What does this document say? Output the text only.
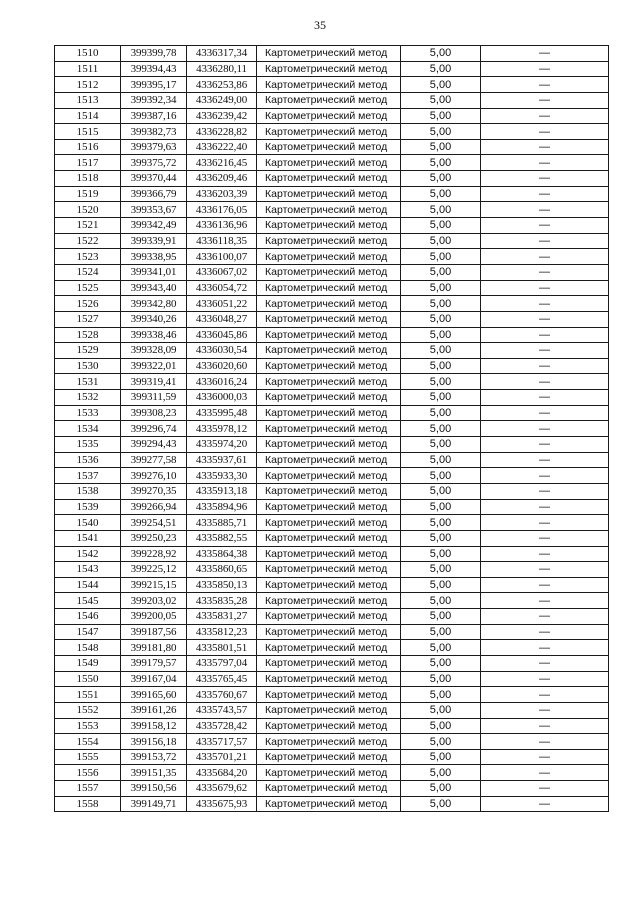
35
1510	399399,78	4336317,34	Картометрический метод	5,00	—
1511	399394,43	4336280,11	Картометрический метод	5,00	—
1512	399395,17	4336253,86	Картометрический метод	5,00	—
1513	399392,34	4336249,00	Картометрический метод	5,00	—
1514	399387,16	4336239,42	Картометрический метод	5,00	—
1515	399382,73	4336228,82	Картометрический метод	5,00	—
1516	399379,63	4336222,40	Картометрический метод	5,00	—
1517	399375,72	4336216,45	Картометрический метод	5,00	—
1518	399370,44	4336209,46	Картометрический метод	5,00	—
1519	399366,79	4336203,39	Картометрический метод	5,00	—
1520	399353,67	4336176,05	Картометрический метод	5,00	—
1521	399342,49	4336136,96	Картометрический метод	5,00	—
1522	399339,91	4336118,35	Картометрический метод	5,00	—
1523	399338,95	4336100,07	Картометрический метод	5,00	—
1524	399341,01	4336067,02	Картометрический метод	5,00	—
1525	399343,40	4336054,72	Картометрический метод	5,00	—
1526	399342,80	4336051,22	Картометрический метод	5,00	—
1527	399340,26	4336048,27	Картометрический метод	5,00	—
1528	399338,46	4336045,86	Картометрический метод	5,00	—
1529	399328,09	4336030,54	Картометрический метод	5,00	—
1530	399322,01	4336020,60	Картометрический метод	5,00	—
1531	399319,41	4336016,24	Картометрический метод	5,00	—
1532	399311,59	4336000,03	Картометрический метод	5,00	—
1533	399308,23	4335995,48	Картометрический метод	5,00	—
1534	399296,74	4335978,12	Картометрический метод	5,00	—
1535	399294,43	4335974,20	Картометрический метод	5,00	—
1536	399277,58	4335937,61	Картометрический метод	5,00	—
1537	399276,10	4335933,30	Картометрический метод	5,00	—
1538	399270,35	4335913,18	Картометрический метод	5,00	—
1539	399266,94	4335894,96	Картометрический метод	5,00	—
1540	399254,51	4335885,71	Картометрический метод	5,00	—
1541	399250,23	4335882,55	Картометрический метод	5,00	—
1542	399228,92	4335864,38	Картометрический метод	5,00	—
1543	399225,12	4335860,65	Картометрический метод	5,00	—
1544	399215,15	4335850,13	Картометрический метод	5,00	—
1545	399203,02	4335835,28	Картометрический метод	5,00	—
1546	399200,05	4335831,27	Картометрический метод	5,00	—
1547	399187,56	4335812,23	Картометрический метод	5,00	—
1548	399181,80	4335801,51	Картометрический метод	5,00	—
1549	399179,57	4335797,04	Картометрический метод	5,00	—
1550	399167,04	4335765,45	Картометрический метод	5,00	—
1551	399165,60	4335760,67	Картометрический метод	5,00	—
1552	399161,26	4335743,57	Картометрический метод	5,00	—
1553	399158,12	4335728,42	Картометрический метод	5,00	—
1554	399156,18	4335717,57	Картометрический метод	5,00	—
1555	399153,72	4335701,21	Картометрический метод	5,00	—
1556	399151,35	4335684,20	Картометрический метод	5,00	—
1557	399150,56	4335679,62	Картометрический метод	5,00	—
1558	399149,71	4335675,93	Картометрический метод	5,00	—
